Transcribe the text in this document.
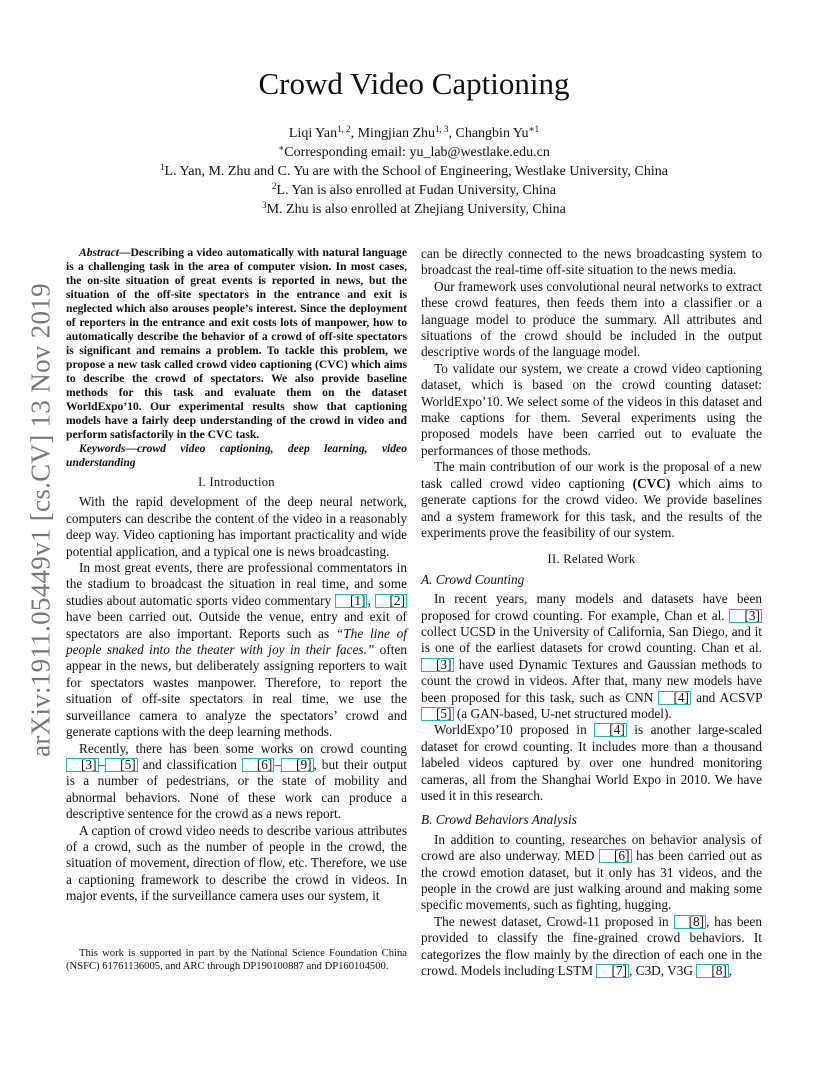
arXiv:1911.05449v1 [cs.CV] 13 Nov 2019
Crowd Video Captioning
Liqi Yan$^{1, 2}$, Mingjian Zhu$^{1, 3}$, Changbin $Yu^{∗1}$
∗Corresponding email: yu_lab@westlake.edu.cn
$^1$L. Yan, M. Zhu and C. Yu are with the School of Engineering, Westlake University, China
$^2$L. Yan is also enrolled at Fudan University, China
$^3$M. Zhu is also enrolled at Zhejiang University, China

Abstract—Describing a video automatically with natural language is a challenging task in the area of computer vision. In most cases, the on-site situation of great events is reported in news, but the situation of the off-site spectators in the entrance and exit is neglected which also arouses people’s interest. Since the deployment of reporters in the entrance and exit costs lots of manpower, how to automatically describe the behavior of a crowd of off-site spectators is significant and remains a problem. To tackle this problem, we propose a new task called crowd video captioning (CVC) which aims to describe the crowd of spectators. We also provide baseline methods for this task and evaluate them on the dataset WorldExpo’10. Our experimental results show that captioning models have a fairly deep understanding of the crowd in video and perform satisfactorily in the CVC task.

Keywords—crowd video captioning, deep learning, video understanding

I. Introduction

With the rapid development of the deep neural network, computers can describe the content of the video in a reasonably deep way. Video captioning has important practicality and wide potential application, and a typical one is news broadcasting.

In most great events, there are professional commentators in the stadium to broadcast the situation in real time, and some studies about automatic sports video commentary [1] , [2] have been carried out. Outside the venue, entry and exit of spectators are also important. Reports such as “The line of people snaked into the theater with joy in their faces.” often appear in the news, but deliberately assigning reporters to wait for spectators wastes manpower. Therefore, to report the situation of off-site spectators in real time, we use the surveillance camera to analyze the spectators’ crowd and generate captions with the deep learning methods.

Recently, there has been some works on crowd counting [3] – [5] and classification [6] – [9] , but their output is a number of pedestrians, or the state of mobility and abnormal behaviors. None of these work can produce a descriptive sentence for the crowd as a news report.

A caption of crowd video needs to describe various attributes of a crowd, such as the number of people in the crowd, the situation of movement, direction of flow, etc. Therefore, we use a captioning framework to describe the crowd in videos. In major events, if the surveillance camera uses our system, it

This work is supported in part by the National Science Foundation China (NSFC) 61761136005, and ARC through DP190100887 and DP160104500.

can be directly connected to the news broadcasting system to broadcast the real-time off-site situation to the news media.

Our framework uses convolutional neural networks to extract these crowd features, then feeds them into a classifier or a language model to produce the summary. All attributes and situations of the crowd should be included in the output descriptive words of the language model.

To validate our system, we create a crowd video captioning dataset, which is based on the crowd counting dataset: WorldExpo’10. We select some of the videos in this dataset and make captions for them. Several experiments using the proposed models have been carried out to evaluate the performances of those methods.

The main contribution of our work is the proposal of a new task called crowd video captioning (CVC) which aims to generate captions for the crowd video. We provide baselines and a system framework for this task, and the results of the experiments prove the feasibility of our system.

II. Related Work
A. Crowd Counting

In recent years, many models and datasets have been proposed for crowd counting. For example, Chan et al. [3] collect UCSD in the University of California, San Diego, and it is one of the earliest datasets for crowd counting. Chan et al. [3] have used Dynamic Textures and Gaussian methods to count the crowd in videos. After that, many new models have been proposed for this task, such as CNN [4] and ACSVP [5] (a GAN-based, U-net structured model).

WorldExpo’10 proposed in [4] is another large-scaled dataset for crowd counting. It includes more than a thousand labeled videos captured by over one hundred monitoring cameras, all from the Shanghai World Expo in 2010. We have used it in this research.

B. Crowd Behaviors Analysis

In addition to counting, researches on behavior analysis of crowd are also underway. MED [6] has been carried out as the crowd emotion dataset, but it only has 31 videos, and the people in the crowd are just walking around and making some specific movements, such as fighting, hugging.

The newest dataset, Crowd-11 proposed in [8] , has been provided to classify the fine-grained crowd behaviors. It categorizes the flow mainly by the direction of each one in the crowd. Models including LSTM [7] , C3D, V3G [8] ,
